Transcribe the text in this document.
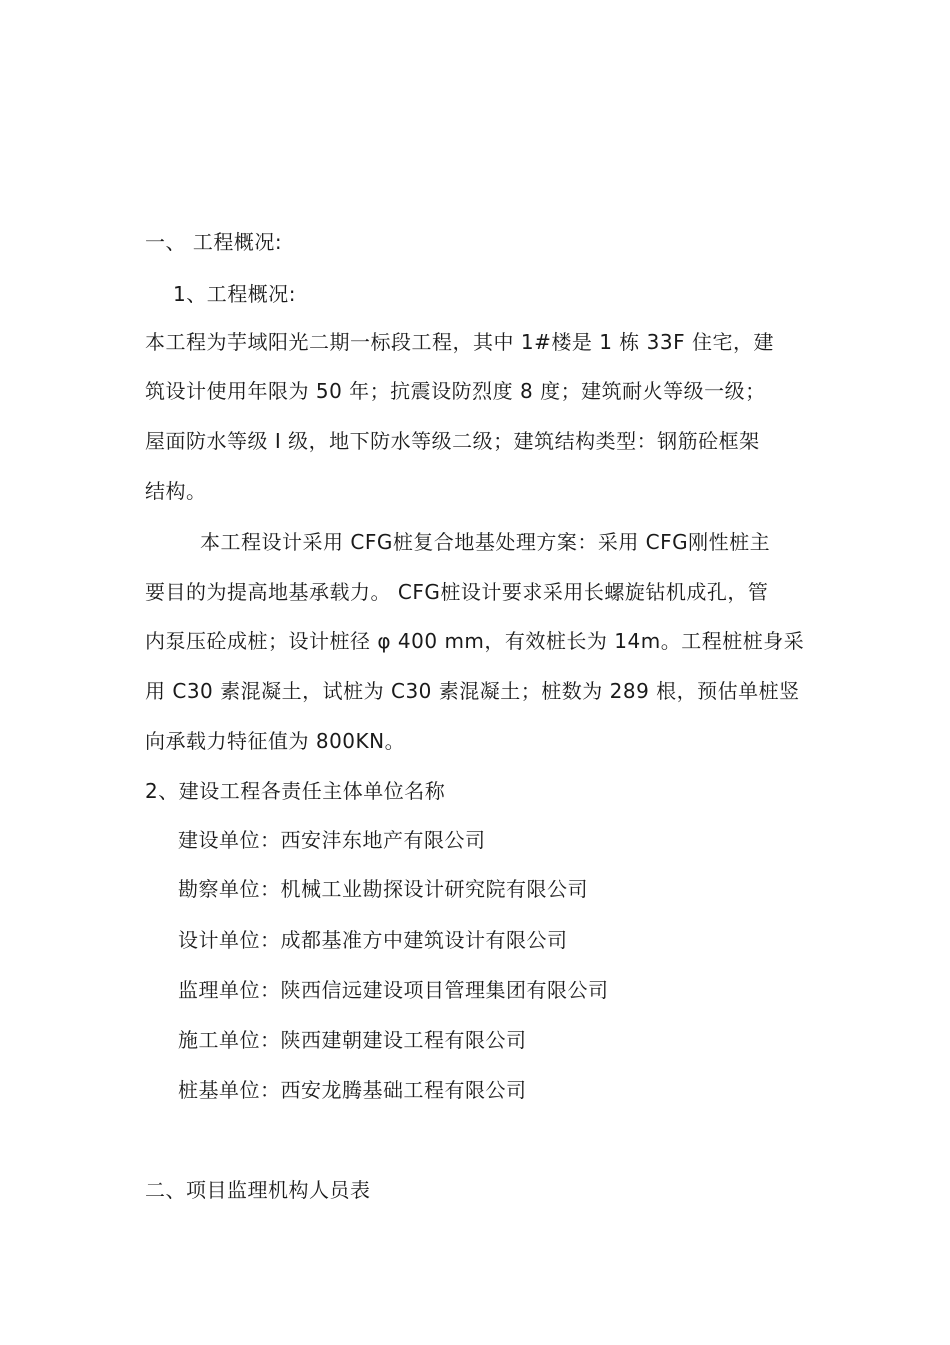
一、 工程概况:
1、工程概况:
本工程为芋域阳光二期一标段工程，其中 1#楼是 1 栋 33F 住宅，建
筑设计使用年限为 50 年；抗震设防烈度 8 度；建筑耐火等级一级；
屋面防水等级 I 级，地下防水等级二级；建筑结构类型：钢筋砼框架
结构。
本工程设计采用 CFG桩复合地基处理方案：采用 CFG刚性桩主
要目的为提高地基承载力。 CFG桩设计要求采用长螺旋钻机成孔，管
内泵压砼成桩；设计桩径 φ 400 mm，有效桩长为 14m。工程桩桩身采
用 C30 素混凝土，试桩为 C30 素混凝土；桩数为 289 根，预估单桩竖
向承载力特征值为 800KN。
2、建设工程各责任主体单位名称
建设单位：西安沣东地产有限公司
勘察单位：机械工业勘探设计研究院有限公司
设计单位：成都基准方中建筑设计有限公司
监理单位：陕西信远建设项目管理集团有限公司
施工单位：陕西建朝建设工程有限公司
桩基单位：西安龙腾基础工程有限公司
二、项目监理机构人员表
